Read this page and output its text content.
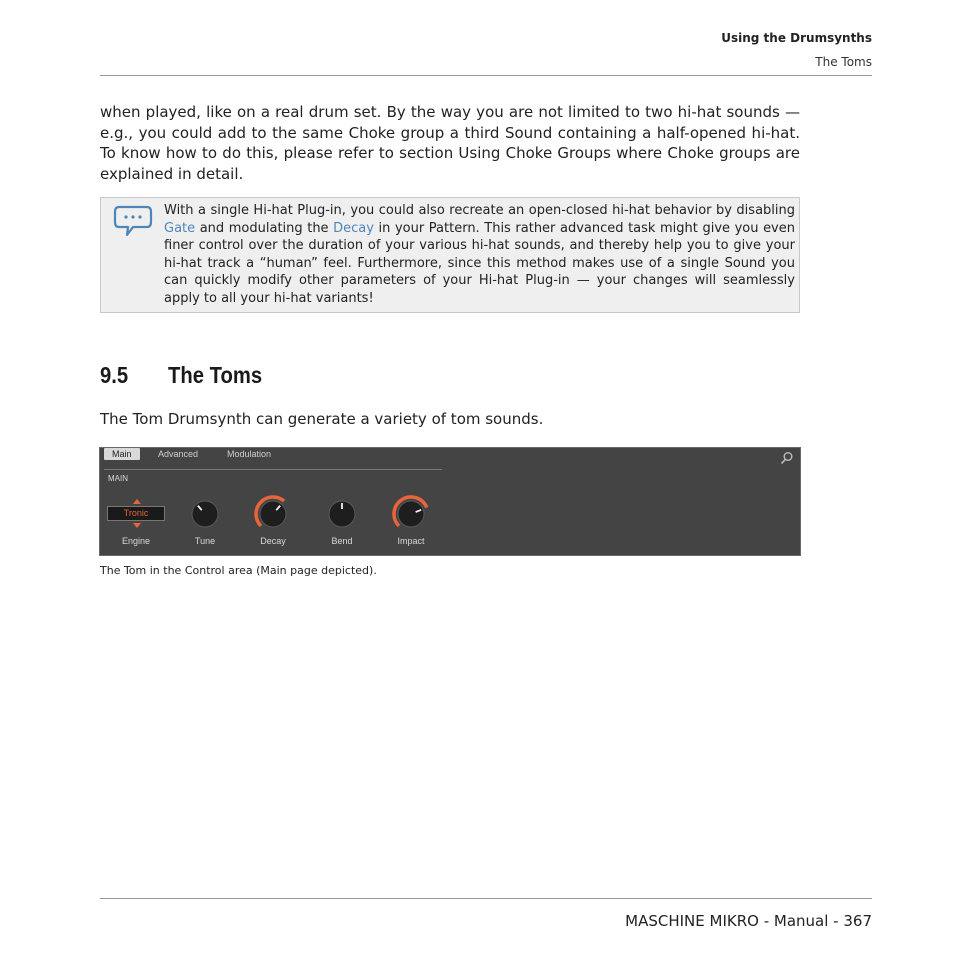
Using the Drumsynths
The Toms
when played, like on a real drum set. By the way you are not limited to two hi-hat sounds — e.g., you could add to the same Choke group a third Sound containing a half-opened hi-hat. To know how to do this, please refer to section Using Choke Groups where Choke groups are explained in detail.
With a single Hi-hat Plug-in, you could also recreate an open-closed hi-hat behavior by disabling Gate and modulating the Decay in your Pattern. This rather advanced task might give you even finer control over the duration of your various hi-hat sounds, and thereby help you to give your hi-hat track a “human” feel. Furthermore, since this method makes use of a single Sound you can quickly modify other parameters of your Hi-hat Plug-in — your changes will seamlessly apply to all your hi-hat variants!
9.5 The Toms
The Tom Drumsynth can generate a variety of tom sounds.
Main	Advanced	Modulation
MAIN
Tronic
Engine	Tune	Decay	Bend	Impact
The Tom in the Control area (Main page depicted).
MASCHINE MIKRO - Manual - 367
